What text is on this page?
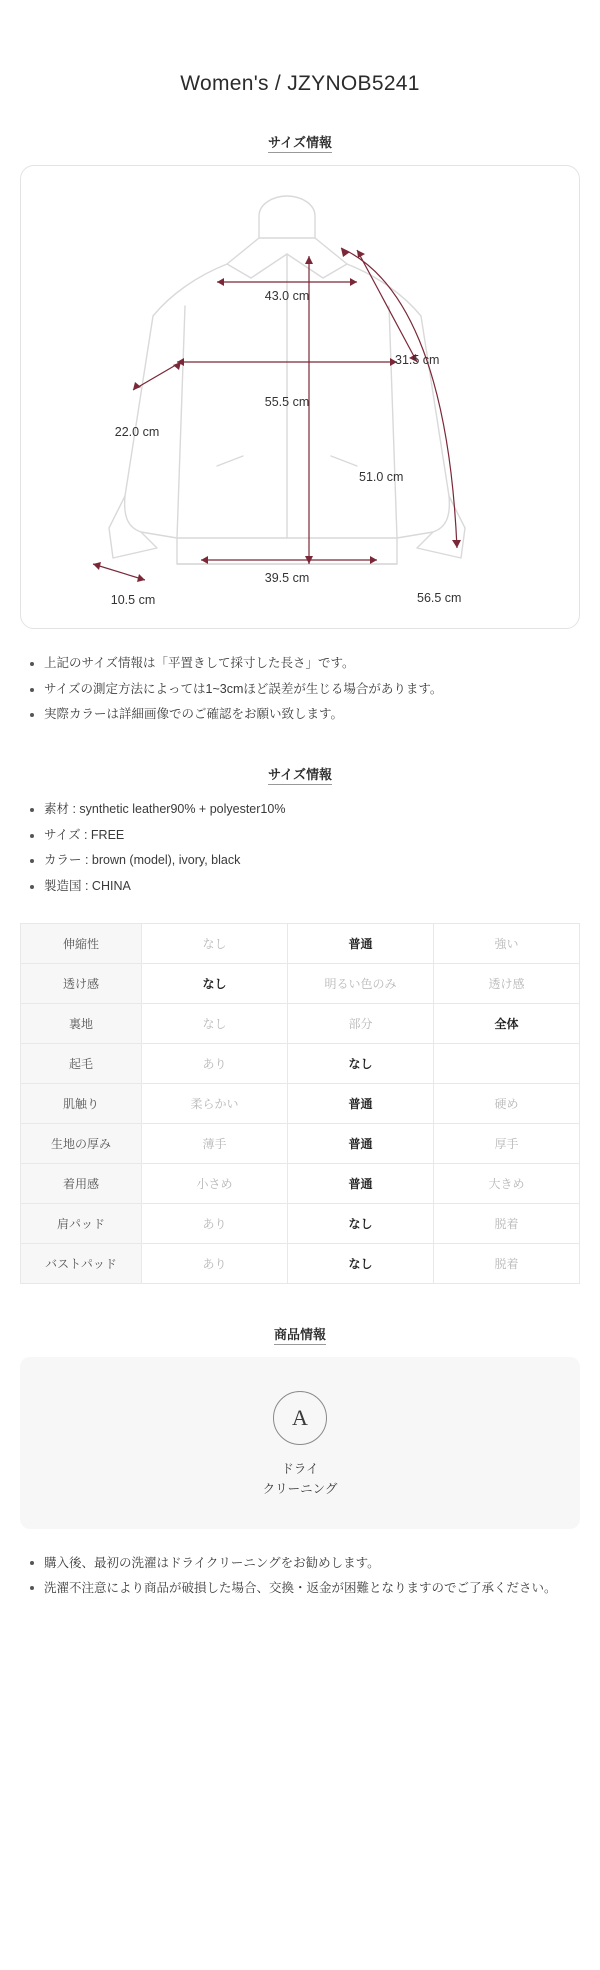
Women's / JZYNOB5241
サイズ情報
43.0 cm
31.5 cm
55.5 cm
22.0 cm
51.0 cm
39.5 cm
10.5 cm	56.5 cm
上記のサイズ情報は「平置きして採寸した長さ」です。
サイズの測定方法によっては1~3cmほど誤差が生じる場合があります。
実際カラーは詳細画像でのご確認をお願い致します。
サイズ情報
素材 : synthetic leather90% + polyester10%
サイズ : FREE
カラー : brown (model), ivory, black
製造国 : CHINA
伸縮性	なし	普通	強い
透け感	なし	明るい色のみ	透け感
裏地	なし	部分	全体
起毛	あり	なし	
肌触り	柔らかい	普通	硬め
生地の厚み	薄手	普通	厚手
着用感	小さめ	普通	大きめ
肩パッド	あり	なし	脱着
バストパッド	あり	なし	脱着
商品情報
A
ドライ
クリーニング
購入後、最初の洗濯はドライクリーニングをお勧めします。
洗濯不注意により商品が破損した場合、交換・返金が困難となりますのでご了承ください。
